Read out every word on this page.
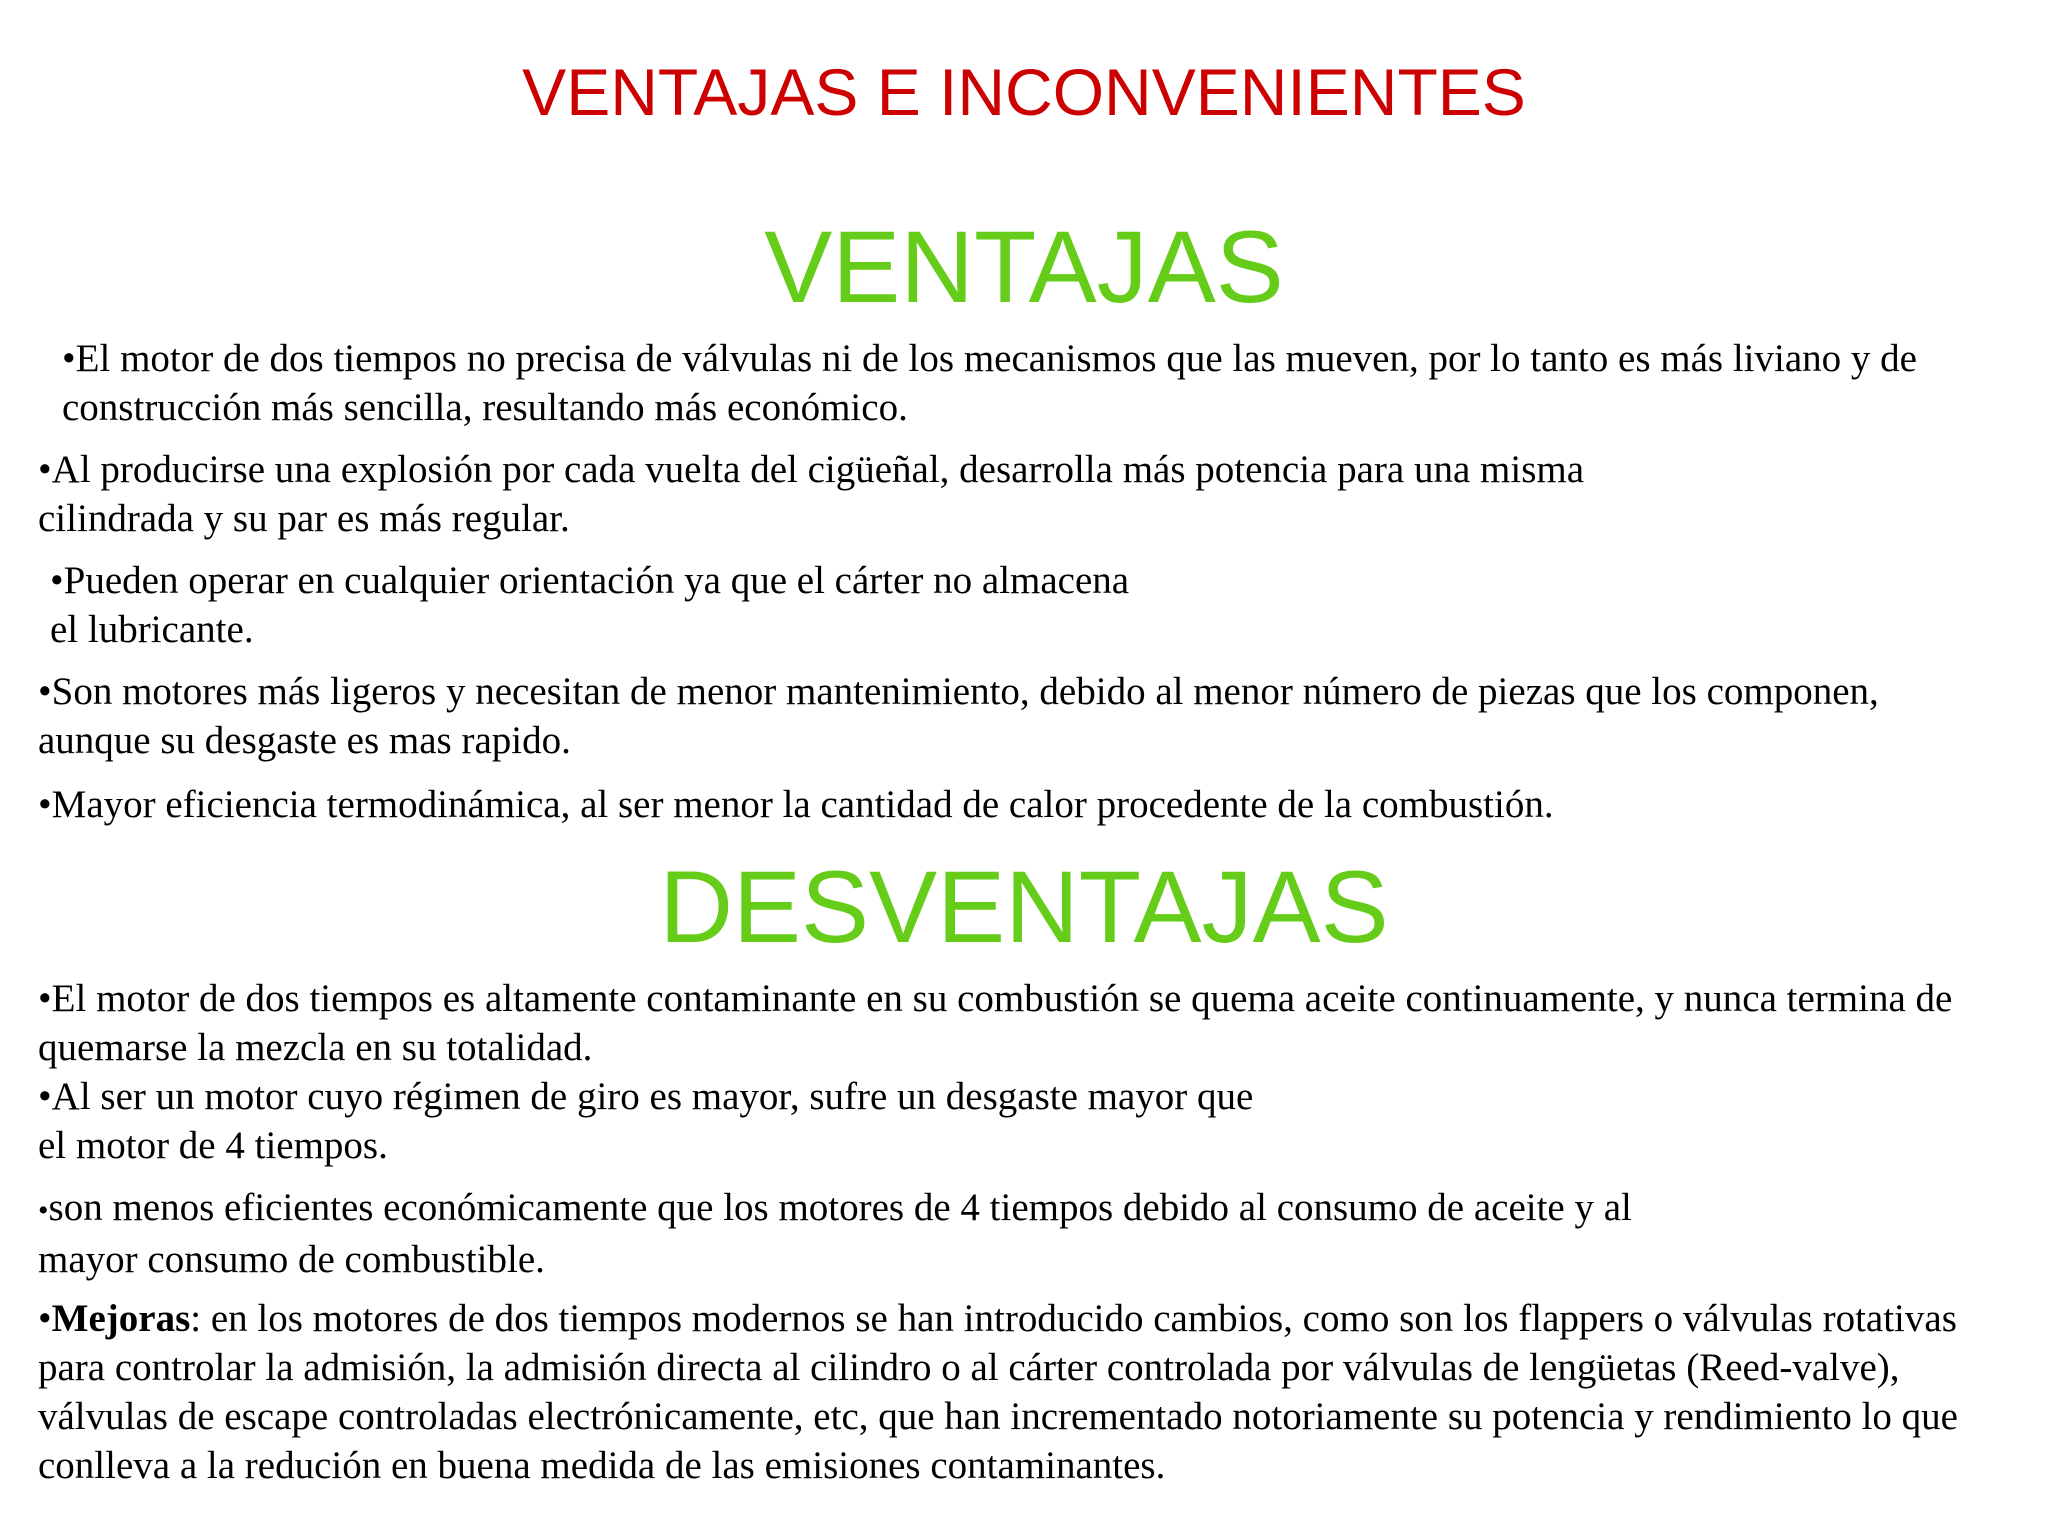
VENTAJAS E INCONVENIENTES
VENTAJAS

•El motor de dos tiempos no precisa de válvulas ni de los mecanismos que las mueven, por lo tanto es más liviano y de construcción más sencilla, resultando más económico.

•Al producirse una explosión por cada vuelta del cigüeñal, desarrolla más potencia para una misma cilindrada y su par es más regular.

•Pueden operar en cualquier orientación ya que el cárter no almacena el lubricante.

•Son motores más ligeros y necesitan de menor mantenimiento, debido al menor número de piezas que los componen, aunque su desgaste es mas rapido.

•Mayor eficiencia termodinámica, al ser menor la cantidad de calor procedente de la combustión.

DESVENTAJAS

•El motor de dos tiempos es altamente contaminante en su combustión se quema aceite continuamente, y nunca termina de quemarse la mezcla en su totalidad.

•Al ser un motor cuyo régimen de giro es mayor, sufre un desgaste mayor que el motor de 4 tiempos.

•son menos eficientes económicamente que los motores de 4 tiempos debido al consumo de aceite y al mayor consumo de combustible.

•Mejoras: en los motores de dos tiempos modernos se han introducido cambios, como son los flappers o válvulas rotativas para controlar la admisión, la admisión directa al cilindro o al cárter controlada por válvulas de lengüetas (Reed-valve), válvulas de escape controladas electrónicamente, etc, que han incrementado notoriamente su potencia y rendimiento lo que conlleva a la redución en buena medida de las emisiones contaminantes.
